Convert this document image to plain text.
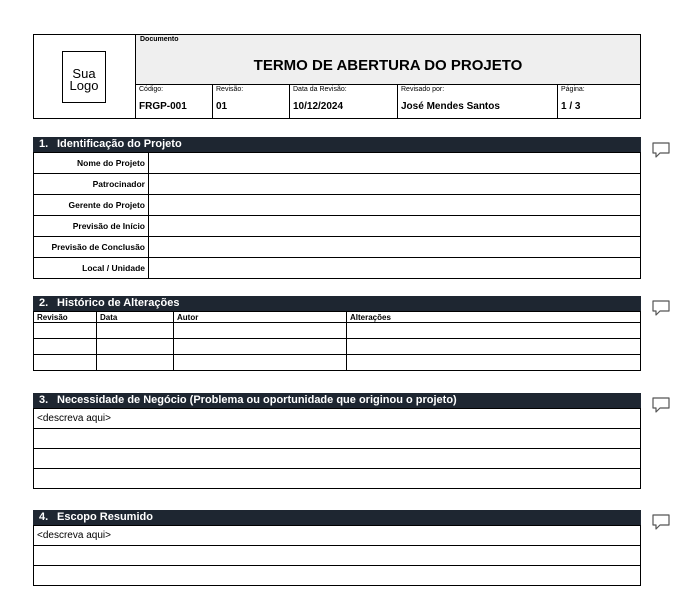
Sua
Logo
Documento
TERMO DE ABERTURA DO PROJETO
Código:
FRGP-001
Revisão:
01
Data da Revisão:
10/12/2024
Revisado por:
José Mendes Santos
Página:
1 / 3
1. Identificação do Projeto
Nome do Projeto	
Patrocinador	
Gerente do Projeto	
Previsão de Início	
Previsão de Conclusão	
Local / Unidade	
2. Histórico de Alterações
Revisão	Data	Autor	Alterações

3. Necessidade de Negócio (Problema ou oportunidade que originou o projeto)
<descreva aqui>

4. Escopo Resumido
<descreva aqui>
